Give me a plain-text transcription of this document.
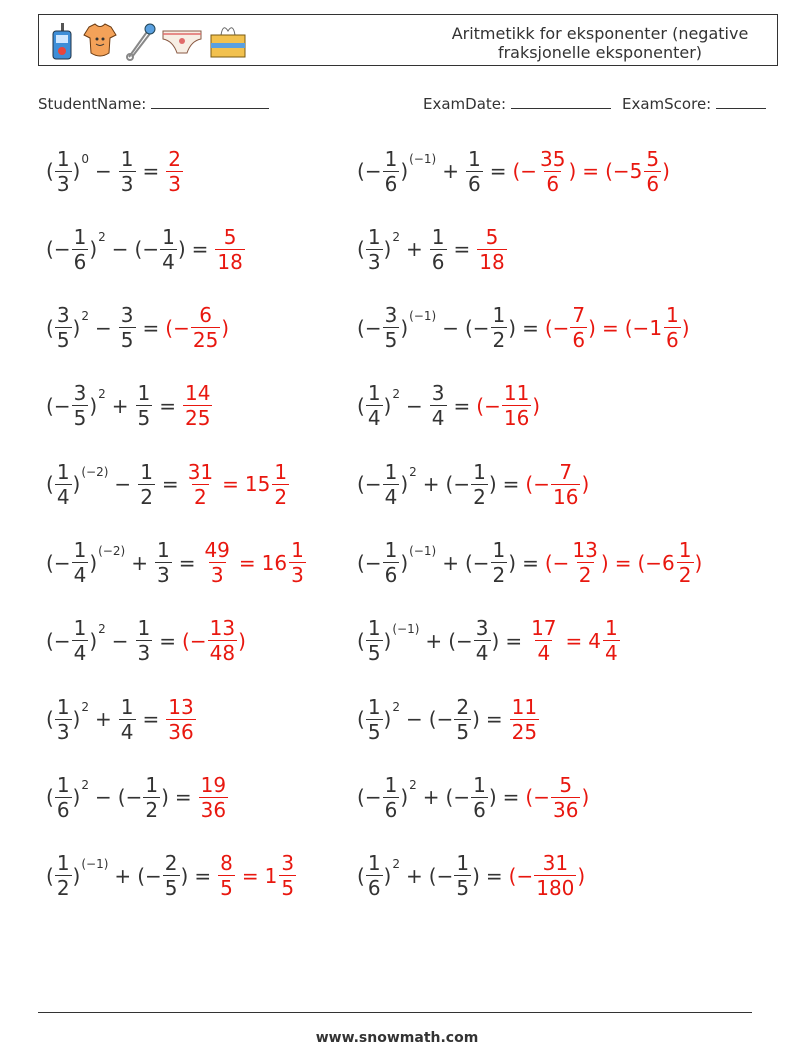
Aritmetikk for eksponenter (negative fraksjonelle eksponenter)
StudentName:	ExamDate:	ExamScore:
( $\frac{1}{3}$ ) $0 - \frac{1}{3} = \frac{2}{3}$
( − $\frac{1}{6}$ ) 2 − ( − $\frac{1}{4}$ ) = $\frac{5}{18}$
( $\frac{3}{5}$ ) $2 - \frac{3}{5}$ = ( − $\frac{6}{25}$ )
( − $\frac{3}{5}$ ) $2 + \frac{1}{5} = \frac{14}{25}$
( $\frac{1}{4}$ ) $(-2) - \frac{1}{2} = \frac{31}{2} = 15 \frac{1}{2}$
( − $\frac{1}{4}$ ) $(-2) + \frac{1}{3} = \frac{49}{3} = 16 \frac{1}{3}$
( − $\frac{1}{4}$ ) $2 - \frac{1}{3}$ = ( − $\frac{13}{48}$ )
( $\frac{1}{3}$ ) $2 + \frac{1}{4} = \frac{13}{36}$
( $\frac{1}{6}$ ) 2 − ( − $\frac{1}{2}$ ) = $\frac{19}{36}$
( $\frac{1}{2}$ ) (−1) + ( − $\frac{2}{5}$ ) = $\frac{8}{5} = 1 \frac{3}{5}$
( − $\frac{1}{6}$ ) $(-1) + \frac{1}{6}$ = ( − $\frac{35}{6}$ ) = ( − $5 \frac{5}{6}$ )
( $\frac{1}{3}$ ) $2 + \frac{1}{6} = \frac{5}{18}$
( − $\frac{3}{5}$ ) (−1) − ( − $\frac{1}{2}$ ) = ( − $\frac{7}{6}$ ) = ( − $1 \frac{1}{6}$ )
( $\frac{1}{4}$ ) $2 - \frac{3}{4}$ = ( − $\frac{11}{16}$ )
( − $\frac{1}{4}$ ) 2 + ( − $\frac{1}{2}$ ) = ( − $\frac{7}{16}$ )
( − $\frac{1}{6}$ ) (−1) + ( − $\frac{1}{2}$ ) = ( − $\frac{13}{2}$ ) = ( − $6 \frac{1}{2}$ )
( $\frac{1}{5}$ ) (−1) + ( − $\frac{3}{4}$ ) = $\frac{17}{4} = 4 \frac{1}{4}$
( $\frac{1}{5}$ ) 2 − ( − $\frac{2}{5}$ ) = $\frac{11}{25}$
( − $\frac{1}{6}$ ) 2 + ( − $\frac{1}{6}$ ) = ( − $\frac{5}{36}$ )
( $\frac{1}{6}$ ) 2 + ( − $\frac{1}{5}$ ) = ( − $\frac{31}{180}$ )
www.snowmath.com
